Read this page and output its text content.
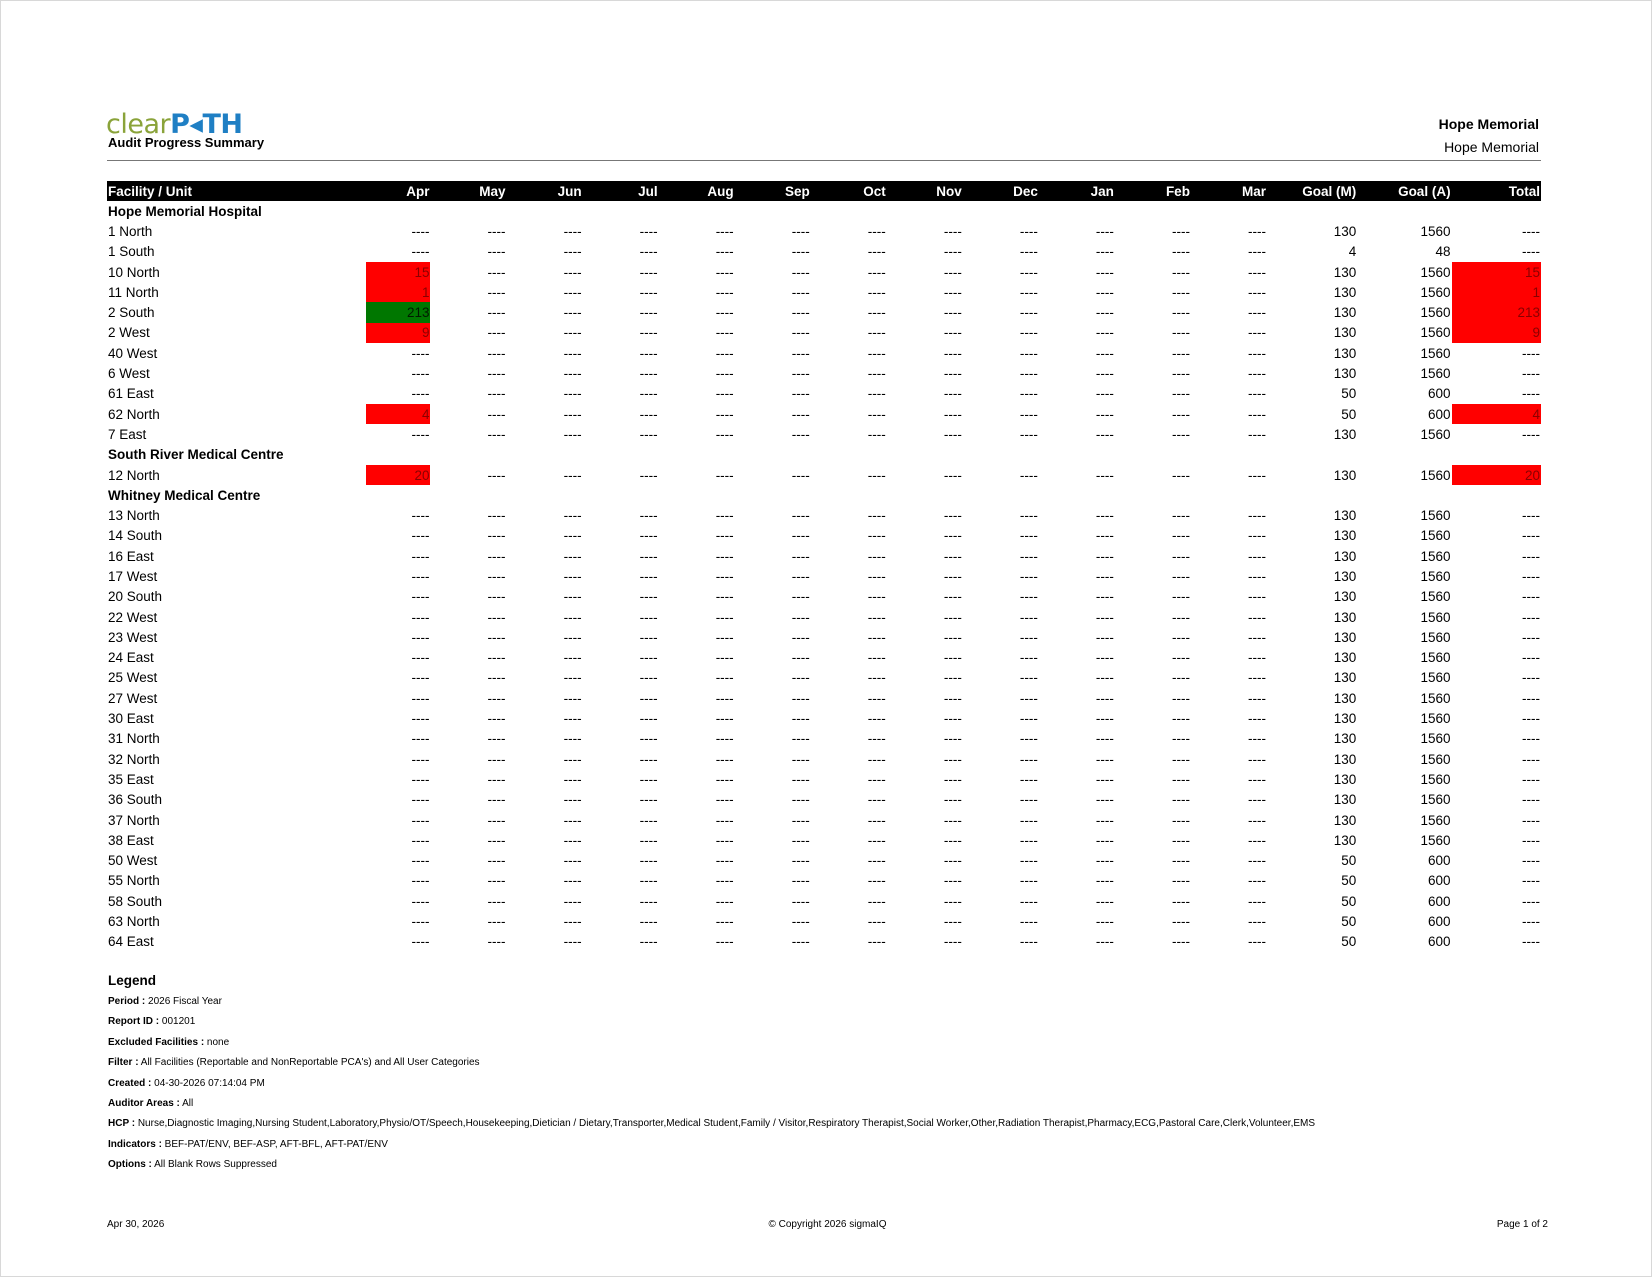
clearP◂TH
Audit Progress Summary
Hope Memorial
Hope Memorial
Facility / Unit	Apr	May	Jun	Jul	Aug	Sep	Oct	Nov	Dec	Jan	Feb	Mar	Goal (M)	Goal (A)	Total
Hope Memorial Hospital															
1 North	----	----	----	----	----	----	----	----	----	----	----	----	130	1560	----
1 South	----	----	----	----	----	----	----	----	----	----	----	----	4	48	----
10 North	15	----	----	----	----	----	----	----	----	----	----	----	130	1560	15
11 North	1	----	----	----	----	----	----	----	----	----	----	----	130	1560	1
2 South	213	----	----	----	----	----	----	----	----	----	----	----	130	1560	213
2 West	9	----	----	----	----	----	----	----	----	----	----	----	130	1560	9
40 West	----	----	----	----	----	----	----	----	----	----	----	----	130	1560	----
6 West	----	----	----	----	----	----	----	----	----	----	----	----	130	1560	----
61 East	----	----	----	----	----	----	----	----	----	----	----	----	50	600	----
62 North	4	----	----	----	----	----	----	----	----	----	----	----	50	600	4
7 East	----	----	----	----	----	----	----	----	----	----	----	----	130	1560	----
South River Medical Centre															
12 North	20	----	----	----	----	----	----	----	----	----	----	----	130	1560	20
Whitney Medical Centre															
13 North	----	----	----	----	----	----	----	----	----	----	----	----	130	1560	----
14 South	----	----	----	----	----	----	----	----	----	----	----	----	130	1560	----
16 East	----	----	----	----	----	----	----	----	----	----	----	----	130	1560	----
17 West	----	----	----	----	----	----	----	----	----	----	----	----	130	1560	----
20 South	----	----	----	----	----	----	----	----	----	----	----	----	130	1560	----
22 West	----	----	----	----	----	----	----	----	----	----	----	----	130	1560	----
23 West	----	----	----	----	----	----	----	----	----	----	----	----	130	1560	----
24 East	----	----	----	----	----	----	----	----	----	----	----	----	130	1560	----
25 West	----	----	----	----	----	----	----	----	----	----	----	----	130	1560	----
27 West	----	----	----	----	----	----	----	----	----	----	----	----	130	1560	----
30 East	----	----	----	----	----	----	----	----	----	----	----	----	130	1560	----
31 North	----	----	----	----	----	----	----	----	----	----	----	----	130	1560	----
32 North	----	----	----	----	----	----	----	----	----	----	----	----	130	1560	----
35 East	----	----	----	----	----	----	----	----	----	----	----	----	130	1560	----
36 South	----	----	----	----	----	----	----	----	----	----	----	----	130	1560	----
37 North	----	----	----	----	----	----	----	----	----	----	----	----	130	1560	----
38 East	----	----	----	----	----	----	----	----	----	----	----	----	130	1560	----
50 West	----	----	----	----	----	----	----	----	----	----	----	----	50	600	----
55 North	----	----	----	----	----	----	----	----	----	----	----	----	50	600	----
58 South	----	----	----	----	----	----	----	----	----	----	----	----	50	600	----
63 North	----	----	----	----	----	----	----	----	----	----	----	----	50	600	----
64 East	----	----	----	----	----	----	----	----	----	----	----	----	50	600	----
Legend
Period : 2026 Fiscal Year
Report ID : 001201
Excluded Facilities : none
Filter : All Facilities (Reportable and NonReportable PCA's) and All User Categories
Created : 04-30-2026 07:14:04 PM
Auditor Areas : All
HCP : Nurse,Diagnostic Imaging,Nursing Student,Laboratory,Physio/OT/Speech,Housekeeping,Dietician / Dietary,Transporter,Medical Student,Family / Visitor,Respiratory Therapist,Social Worker,Other,Radiation Therapist,Pharmacy,ECG,Pastoral Care,Clerk,Volunteer,EMS
Indicators : BEF-PAT/ENV, BEF-ASP, AFT-BFL, AFT-PAT/ENV
Options : All Blank Rows Suppressed
Apr 30, 2026	© Copyright 2026 sigmaIQ	Page 1 of 2
